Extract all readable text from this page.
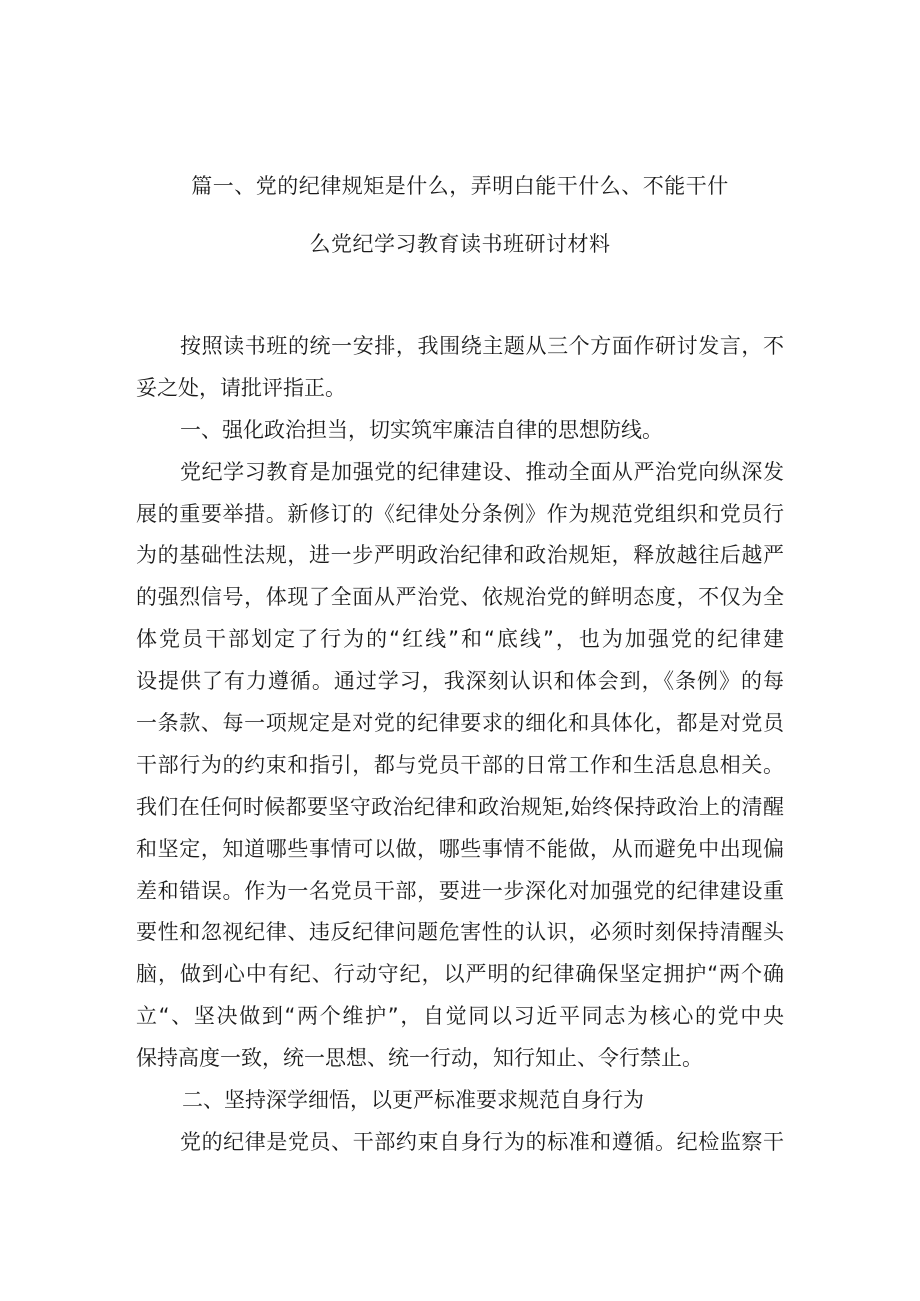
篇一、党的纪律规矩是什么，弄明白能干什么、不能干什
么党纪学习教育读书班研讨材料
按照读书班的统一安排，我围绕主题从三个方面作研讨发言，不
妥之处，请批评指正。
一、强化政治担当，切实筑牢廉洁自律的思想防线。
党纪学习教育是加强党的纪律建设、推动全面从严治党向纵深发
展的重要举措。新修订的《纪律处分条例》作为规范党组织和党员行
为的基础性法规，进一步严明政治纪律和政治规矩，释放越往后越严
的强烈信号，体现了全面从严治党、依规治党的鲜明态度，不仅为全
体党员干部划定了行为的“红线”和“底线”，也为加强党的纪律建
设提供了有力遵循。通过学习，我深刻认识和体会到，《条例》的每
一条款、每一项规定是对党的纪律要求的细化和具体化，都是对党员
干部行为的约束和指引，都与党员干部的日常工作和生活息息相关。
我们在任何时候都要坚守政治纪律和政治规矩,始终保持政治上的清醒
和坚定，知道哪些事情可以做，哪些事情不能做，从而避免中出现偏
差和错误。作为一名党员干部，要进一步深化对加强党的纪律建设重
要性和忽视纪律、违反纪律问题危害性的认识，必须时刻保持清醒头
脑，做到心中有纪、行动守纪，以严明的纪律确保坚定拥护“两个确
立“、坚决做到“两个维护”，自觉同以习近平同志为核心的党中央
保持高度一致，统一思想、统一行动，知行知止、令行禁止。
二、坚持深学细悟，以更严标准要求规范自身行为
党的纪律是党员、干部约束自身行为的标准和遵循。纪检监察干
